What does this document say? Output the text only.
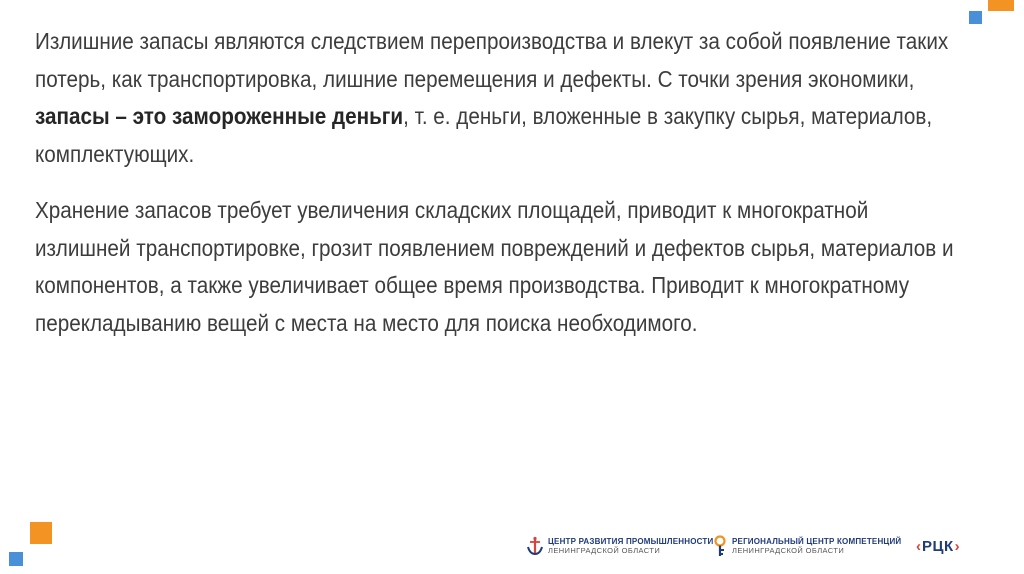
Излишние запасы являются следствием перепроизводства и влекут за собой появление таких потерь, как транспортировка, лишние перемещения и дефекты. С точки зрения экономики, запасы – это замороженные деньги, т. е. деньги, вложенные в закупку сырья, материалов, комплектующих.
Хранение запасов требует увеличения складских площадей, приводит к многократной излишней транспортировке, грозит появлением повреждений и дефектов сырья, материалов и компонентов, а также увеличивает общее время производства. Приводит к многократному перекладыванию вещей с места на место для поиска необходимого.
ЦЕНТР РАЗВИТИЯ ПРОМЫШЛЕННОСТИ
ЛЕНИНГРАДСКОЙ ОБЛАСТИ
РЕГИОНАЛЬНЫЙ ЦЕНТР КОМПЕТЕНЦИЙ
ЛЕНИНГРАДСКОЙ ОБЛАСТИ	‹ РЦК ›
